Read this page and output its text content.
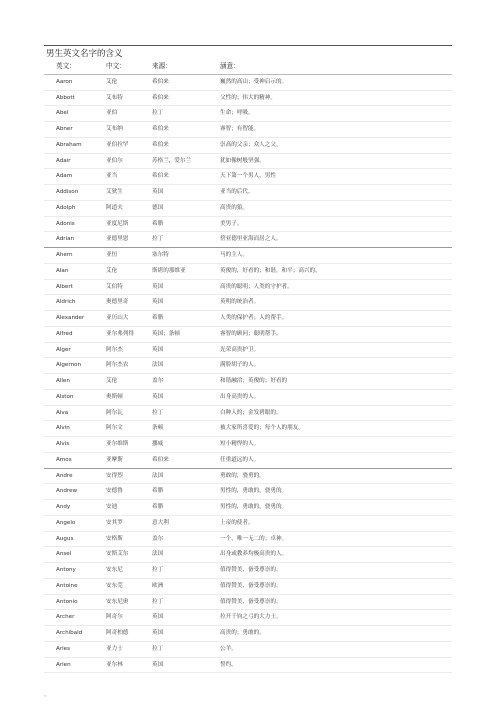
男生英文名字的含义
英文：	中文：	来源：	涵意：
Aaron	艾伦	希伯来	巍然的高山；受神启示的。
Abbott	艾布特	希伯来	父性的；伟大的精神。
Abel	亚伯	拉丁	生命；呼吸。
Abner	艾布纳	希伯来	睿智；有智能。
Abraham	亚伯拉罕	希伯来	崇高的父亲；众人之父。
Adair	亚伯尔	苏格兰，爱尔兰	犹如像树般坚强。
Adam	亚当	希伯来	天下第一个男人，男性
Addison	艾狄生	英国	亚当的后代。
Adolph	阿道夫	德国	高贵的狼。
Adonis	亚度尼斯	希腊	美男子。
Adrian	亚德里恩	拉丁	傍亚德里亚海而居之人。
Ahern	亚恒	塞尔特	马的主人。
Alan	艾伦	斯堪的那维亚	英俊的，好看的；和谐，和平；高兴的。
Albert	艾伯特	英国	高贵的聪明；人类的守护者。
Aldrich	奥德里奇	英国	英明的统治者。
Alexander	亚历山大	希腊	人类的保护者；人的帮手。
Alfred	亚尔弗列得	英国；条顿	睿智的顾问；聪明帮手。
Alger	阿尔杰	英国	光荣高贵护卫。
Algernon	阿尔杰农	法国	满脸胡子的人。
Allen	艾伦	盖尔	和谐融洽；英俊的；好看的
Alston	奥斯顿	英国	出身高贵的人。
Alva	阿尔瓦	拉丁	白种人的；金发碧眼的。
Alvin	阿尔文	条顿	被大家所喜爱的；每个人的朋友。
Alvis	亚尔维斯	挪威	短小精悍的人。
Amos	亚摩斯	希伯来	任重道远的人。
Andre	安得烈	法国	勇敢的，骁勇的。
Andrew	安德鲁	希腊	男性的，勇敢的，骁勇的。
Andy	安迪	希腊	男性的，勇敢的，骁勇的。
Angelo	安其罗	意大利	上帝的使者。
Augus	安格斯	盖尔	一个，唯一无二的；卓神。
Ansel	安斯艾尔	法国	出身或教养均极高贵的人。
Antony	安东尼	拉丁	值得赞美，备受尊崇的。
Antoine	安东莞	欧洲	值得赞美，备受尊崇的。
Antonio	安东尼奥	拉丁	值得赞美，备受尊崇的。
Archer	阿奇尔	英国	拉开千钧之弓的大力士。
Archibald	阿奇柏德	英国	高贵的；勇敢的。
Aries	亚力士	拉丁	公羊。
Arlen	亚尔林	英国	誓约。
、
